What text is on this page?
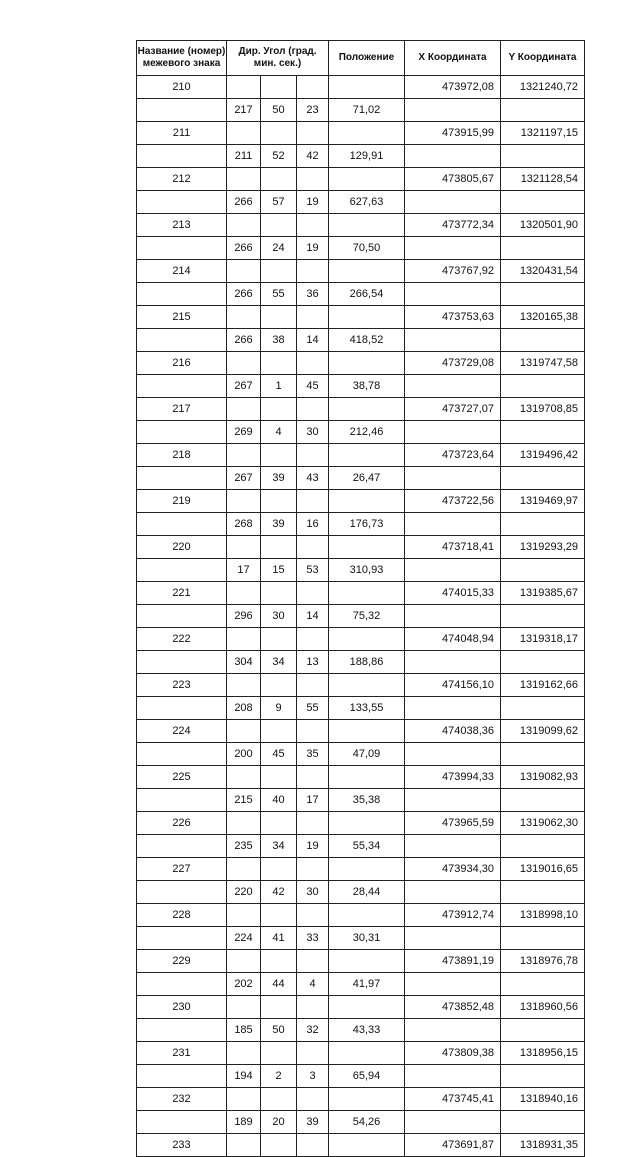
Название (номер) межевого знака	Дир. Угол (град. мин. сек.)			Положение	X Координата	Y Координата
210					473972,08	1321240,72
	217	50	23	71,02		
211					473915,99	1321197,15
	211	52	42	129,91		
212					473805,67	1321128,54
	266	57	19	627,63		
213					473772,34	1320501,90
	266	24	19	70,50		
214					473767,92	1320431,54
	266	55	36	266,54		
215					473753,63	1320165,38
	266	38	14	418,52		
216					473729,08	1319747,58
	267	1	45	38,78		
217					473727,07	1319708,85
	269	4	30	212,46		
218					473723,64	1319496,42
	267	39	43	26,47		
219					473722,56	1319469,97
	268	39	16	176,73		
220					473718,41	1319293,29
	17	15	53	310,93		
221					474015,33	1319385,67
	296	30	14	75,32		
222					474048,94	1319318,17
	304	34	13	188,86		
223					474156,10	1319162,66
	208	9	55	133,55		
224					474038,36	1319099,62
	200	45	35	47,09		
225					473994,33	1319082,93
	215	40	17	35,38		
226					473965,59	1319062,30
	235	34	19	55,34		
227					473934,30	1319016,65
	220	42	30	28,44		
228					473912,74	1318998,10
	224	41	33	30,31		
229					473891,19	1318976,78
	202	44	4	41,97		
230					473852,48	1318960,56
	185	50	32	43,33		
231					473809,38	1318956,15
	194	2	3	65,94		
232					473745,41	1318940,16
	189	20	39	54,26		
233					473691,87	1318931,35
